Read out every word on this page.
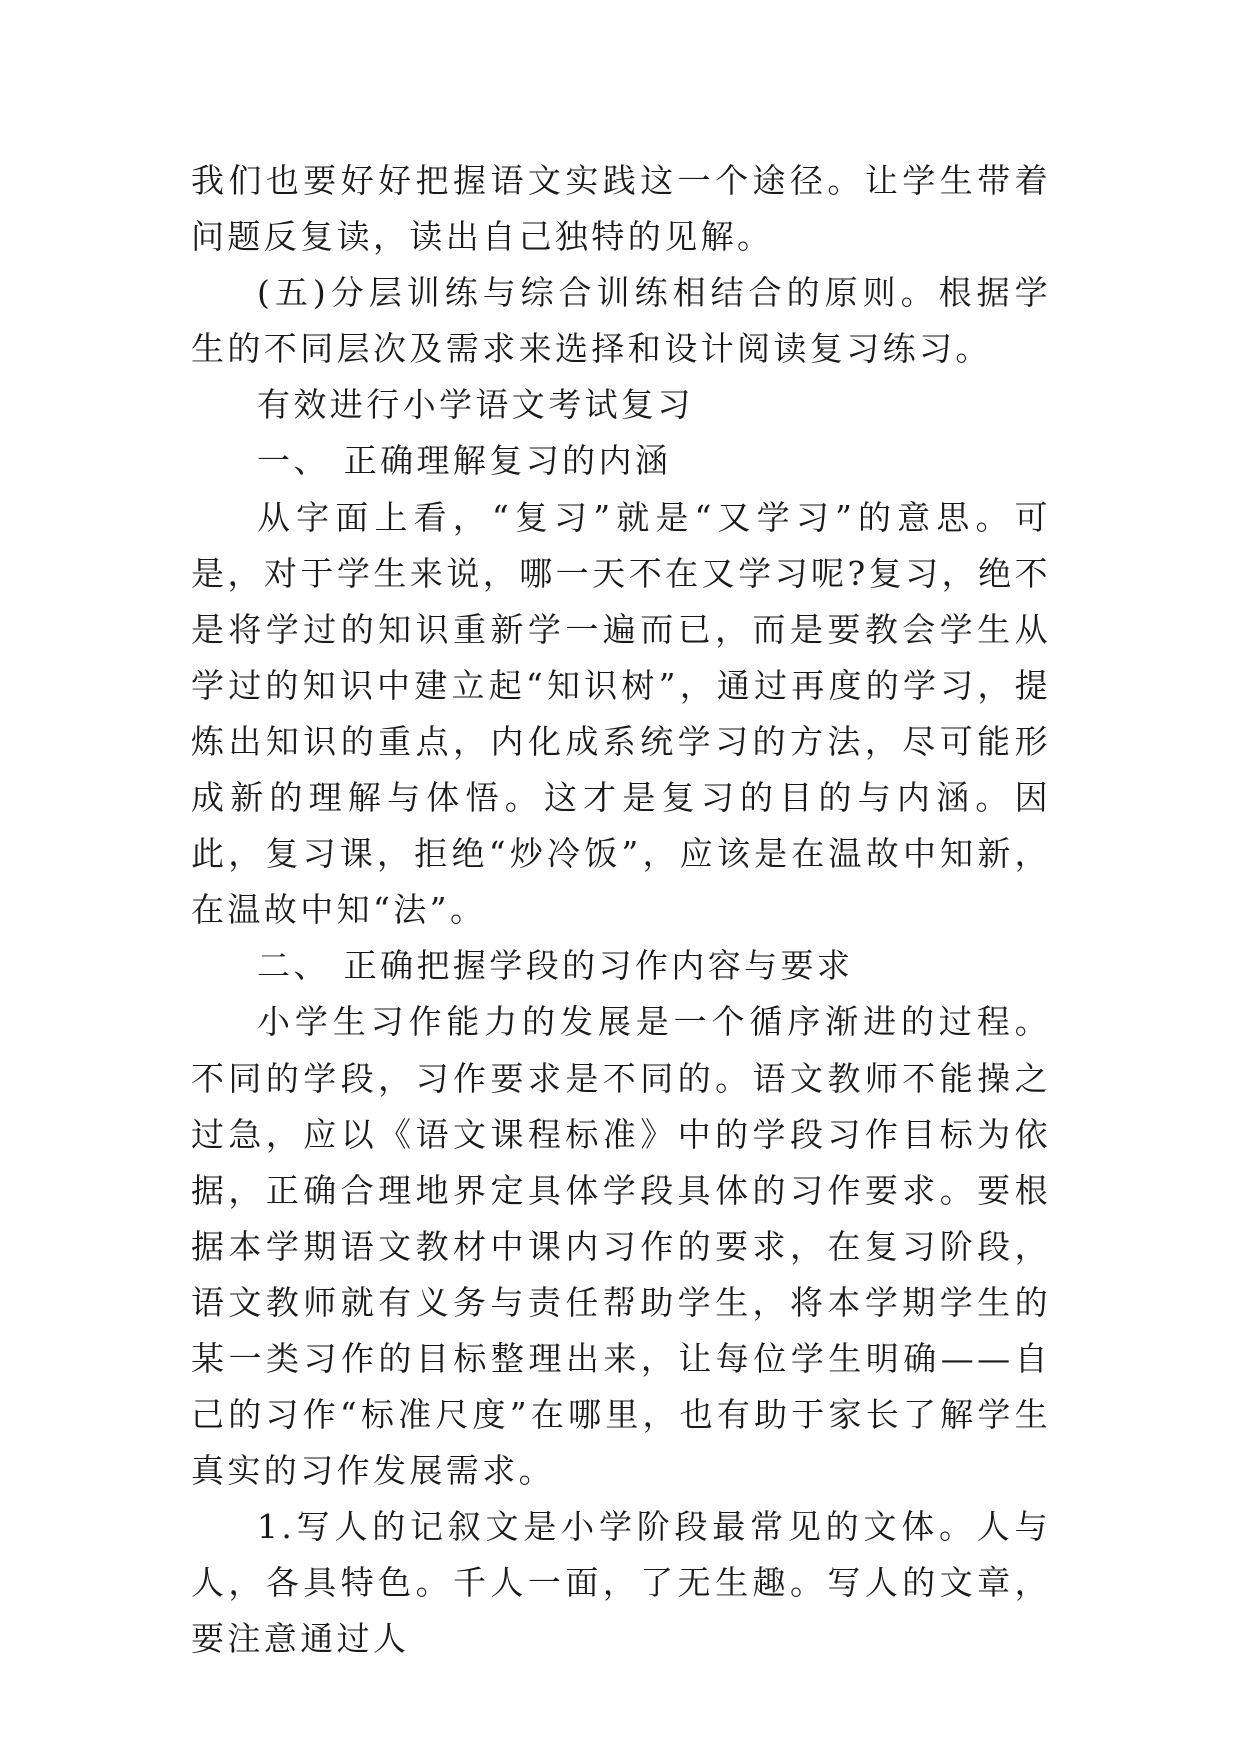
我们也要好好把握语文实践这一个途径。让学生带着问题反复读，读出自己独特的见解。

(五)分层训练与综合训练相结合的原则。根据学生的不同层次及需求来选择和设计阅读复习练习。

有效进行小学语文考试复习

一、 正确理解复习的内涵

从字面上看，“复习”就是“又学习”的意思。可是，对于学生来说，哪一天不在又学习呢?复习，绝不是将学过的知识重新学一遍而已，而是要教会学生从学过的知识中建立起“知识树”，通过再度的学习，提炼出知识的重点，内化成系统学习的方法，尽可能形成新的理解与体悟。这才是复习的目的与内涵。因此，复习课，拒绝“炒冷饭”，应该是在温故中知新，在温故中知“法”。

二、 正确把握学段的习作内容与要求

小学生习作能力的发展是一个循序渐进的过程。不同的学段，习作要求是不同的。语文教师不能操之过急，应以《语文课程标准》中的学段习作目标为依据，正确合理地界定具体学段具体的习作要求。要根据本学期语文教材中课内习作的要求，在复习阶段，语文教师就有义务与责任帮助学生，将本学期学生的某一类习作的目标整理出来，让每位学生明确——自己的习作“标准尺度”在哪里，也有助于家长了解学生真实的习作发展需求。

1.写人的记叙文是小学阶段最常见的文体。人与人，各具特色。千人一面，了无生趣。写人的文章，要注意通过人
